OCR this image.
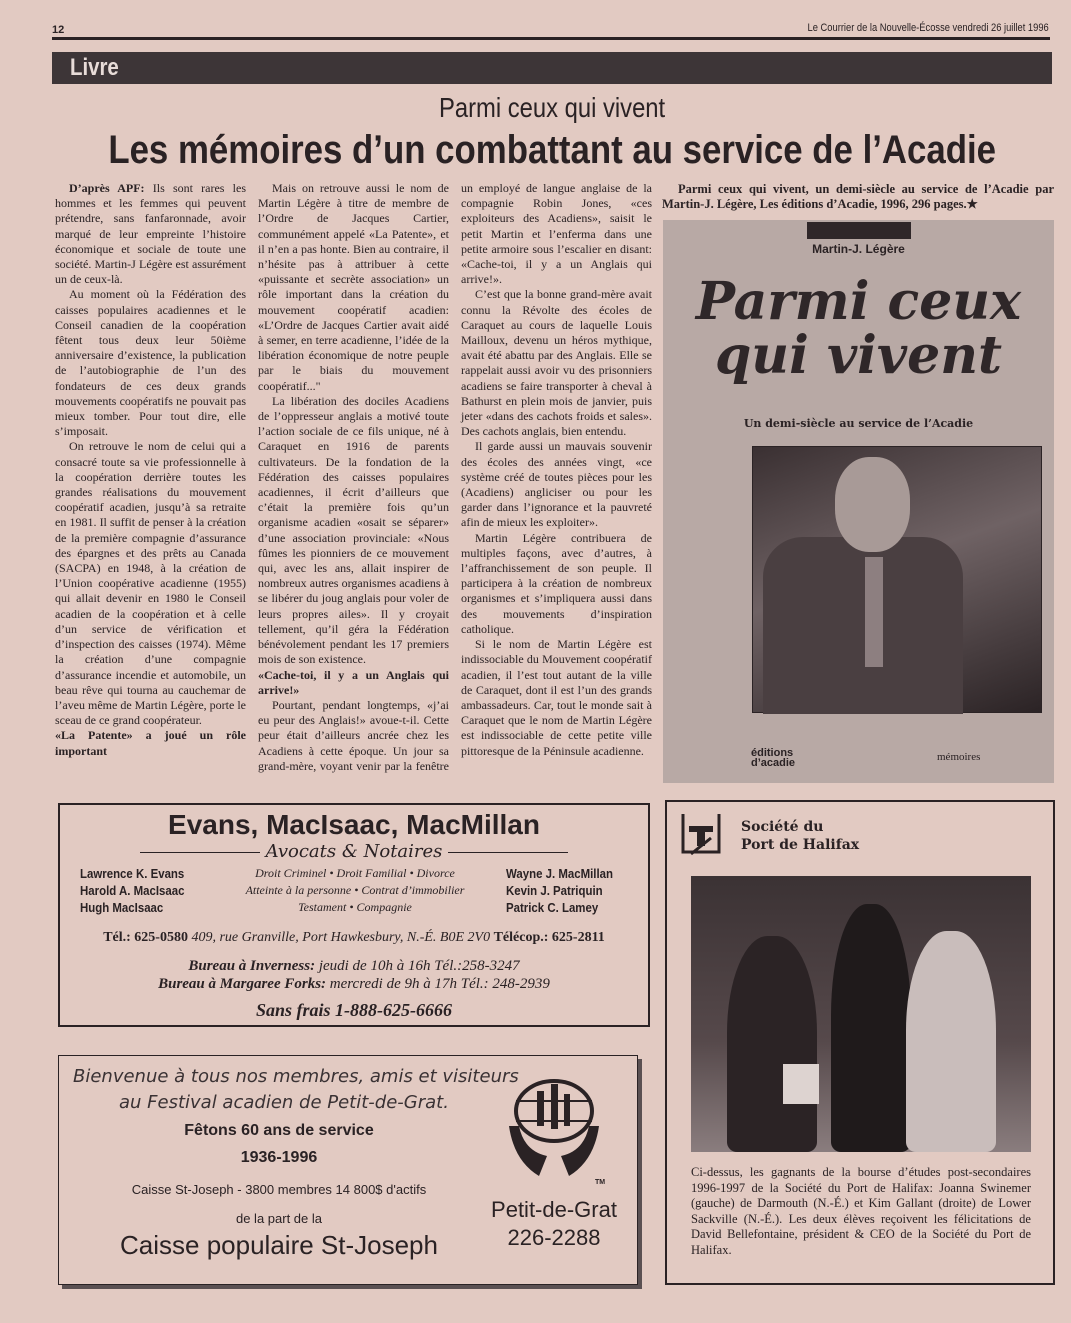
12	Le Courrier de la Nouvelle-Écosse vendredi 26 juillet 1996
Livre
Parmi ceux qui vivent
Les mémoires d’un combattant au service de l’Acadie

D’après APF: Ils sont rares les hommes et les femmes qui peuvent prétendre, sans fanfaronnade, avoir marqué de leur empreinte l’histoire économique et sociale de toute une société. Martin-J Légère est assurément un de ceux-là.

Au moment où la Fédération des caisses populaires acadiennes et le Conseil canadien de la coopération fêtent tous deux leur 50ième anniversaire d’existence, la publication de l’autobiographie de l’un des fondateurs de ces deux grands mouvements coopératifs ne pouvait pas mieux tomber. Pour tout dire, elle s’imposait.

On retrouve le nom de celui qui a consacré toute sa vie professionnelle à la coopération derrière toutes les grandes réalisations du mouvement coopératif acadien, jusqu’à sa retraite en 1981. Il suffit de penser à la création de la première compagnie d’assurance des épargnes et des prêts au Canada (SACPA) en 1948, à la création de l’Union coopérative acadienne (1955) qui allait devenir en 1980 le Conseil acadien de la coopération et à celle d’un service de vérification et d’inspection des caisses (1974). Même la création d’une compagnie d’assurance incendie et automobile, un beau rêve qui tourna au cauchemar de l’aveu même de Martin Légère, porte le sceau de ce grand coopérateur.

«La Patente» a joué un rôle important

Mais on retrouve aussi le nom de Martin Légère à titre de membre de l’Ordre de Jacques Cartier, communément appelé «La Patente», et il n’en a pas honte. Bien au contraire, il n’hésite pas à attribuer à cette «puissante et secrète association» un rôle important dans la création du mouvement coopératif acadien: «L’Ordre de Jacques Cartier avait aidé à semer, en terre acadienne, l’idée de la libération économique de notre peuple par le biais du mouvement coopératif..."

La libération des dociles Acadiens de l’oppresseur anglais a motivé toute l’action sociale de ce fils unique, né à Caraquet en 1916 de parents cultivateurs. De la fondation de la Fédération des caisses populaires acadiennes, il écrit d’ailleurs que c’était la première fois qu’un organisme acadien «osait se séparer» d’une association provinciale: «Nous fûmes les pionniers de ce mouvement qui, avec les ans, allait inspirer de nombreux autres organismes acadiens à se libérer du joug anglais pour voler de leurs propres ailes». Il y croyait tellement, qu’il géra la Fédération bénévolement pendant les 17 premiers mois de son existence.

«Cache-toi, il y a un Anglais qui arrive!»

Pourtant, pendant longtemps, «j’ai eu peur des Anglais!» avoue-t-il. Cette peur était d’ailleurs ancrée chez les Acadiens à cette époque. Un jour sa grand-mère, voyant venir par la fenêtre un employé de langue anglaise de la compagnie Robin Jones, «ces exploiteurs des Acadiens», saisit le petit Martin et l’enferma dans une petite armoire sous l’escalier en disant: «Cache-toi, il y a un Anglais qui arrive!».

C’est que la bonne grand-mère avait connu la Révolte des écoles de Caraquet au cours de laquelle Louis Mailloux, devenu un héros mythique, avait été abattu par des Anglais. Elle se rappelait aussi avoir vu des prisonniers acadiens se faire transporter à cheval à Bathurst en plein mois de janvier, puis jeter «dans des cachots froids et sales». Des cachots anglais, bien entendu.

Il garde aussi un mauvais souvenir des écoles des années vingt, «ce système créé de toutes pièces pour les (Acadiens) angliciser ou pour les garder dans l’ignorance et la pauvreté afin de mieux les exploiter».

Martin Légère contribuera de multiples façons, avec d’autres, à l’affranchissement de son peuple. Il participera à la création de nombreux organismes et s’impliquera aussi dans des mouvements d’inspiration catholique.

Si le nom de Martin Légère est indissociable du Mouvement coopératif acadien, il l’est tout autant de la ville de Caraquet, dont il est l’un des grands ambassadeurs. Car, tout le monde sait à Caraquet que le nom de Martin Légère est indissociable de cette petite ville pittoresque de la Péninsule acadienne.

Parmi ceux qui vivent, un demi-siècle au service de l’Acadie par Martin-J. Légère, Les éditions d’Acadie, 1996, 296 pages.★
Martin-J. Légère
Parmi ceux
qui vivent
Un demi-siècle au service de l’Acadie
éditions
d’acadie	mémoires
Evans, MacIsaac, MacMillan
Avocats & Notaires
Lawrence K. Evans
Harold A. MacIsaac
Hugh MacIsaac
Droit Criminel • Droit Familial • Divorce
Atteinte à la personne • Contrat d’immobilier
Testament • Compagnie
Wayne J. MacMillan
Kevin J. Patriquin
Patrick C. Lamey
Tél.: 625-0580 409, rue Granville, Port Hawkesbury, N.-É. B0E 2V0 Télécop.: 625-2811
Bureau à Inverness: jeudi de 10h à 16h Tél.:258-3247
Bureau à Margaree Forks: mercredi de 9h à 17h Tél.: 248-2939
Sans frais 1-888-625-6666
Bienvenue à tous nos membres, amis et visiteurs
au Festival acadien de Petit-de-Grat.
Fêtons 60 ans de service
1936-1996
Caisse St-Joseph - 3800 membres 14 800$ d'actifs
de la part de la
Caisse populaire St-Joseph
TM
Petit-de-Grat
226-2288
Société du
Port de Halifax
Ci-dessus, les gagnants de la bourse d’études post-secondaires 1996-1997 de la Société du Port de Halifax: Joanna Swinemer (gauche) de Darmouth (N.-É.) et Kim Gallant (droite) de Lower Sackville (N.-É.). Les deux élèves reçoivent les félicitations de David Bellefontaine, président & CEO de la Société du Port de Halifax.
